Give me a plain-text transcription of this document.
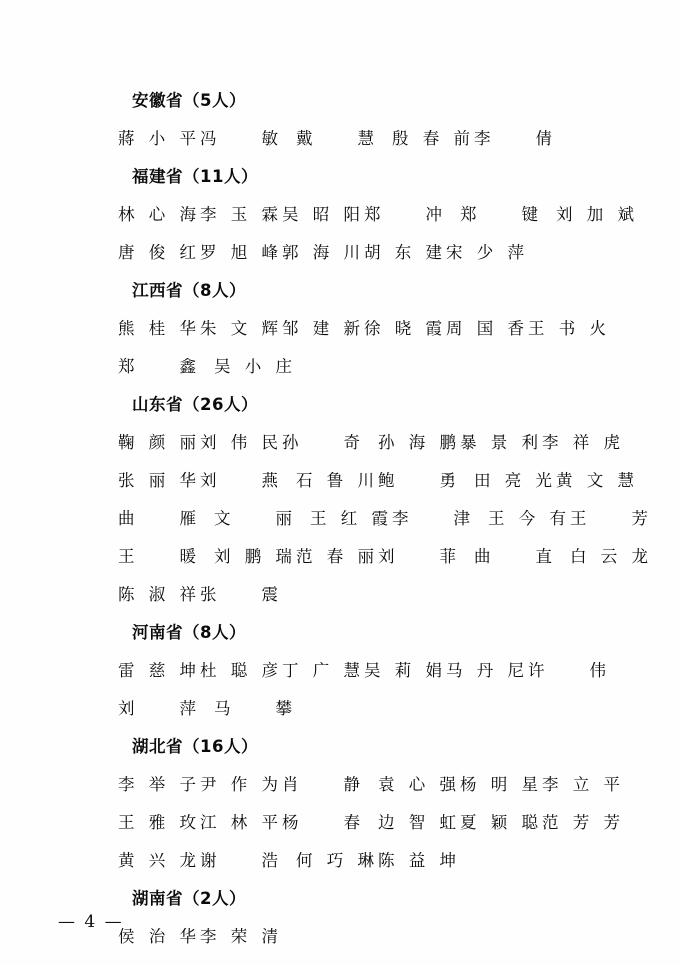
安徽省（5人）
蔣 小 平 冯	敏 戴	慧 殷 春 前 李	倩
福建省（11人）
林 心 海 李 玉 霖 吴 昭 阳 郑	冲 郑	键 刘 加 斌
唐 俊 红 罗 旭 峰 郭 海 川 胡 东 建 宋 少 萍
江西省（8人）
熊 桂 华 朱 文 辉 邹 建 新 徐 晓 霞 周 国 香 王 书 火
郑	鑫 吴 小 庄
山东省（26人）
鞠 颜 丽 刘 伟 民 孙	奇 孙 海 鹏 暴 景 利 李 祥 虎
张 丽 华 刘	燕 石 鲁 川 鲍	勇 田 亮 光 黄 文 慧
曲	雁 文	丽 王 红 霞 李	津 王 今 有 王	芳
王	暖 刘 鹏 瑞 范 春 丽 刘	菲 曲	直 白 云 龙
陈 淑 祥 张	震
河南省（8人）
雷 慈 坤 杜 聪 彦 丁 广 慧 吴 莉 娟 马 丹 尼 许	伟
刘	萍 马	攀
湖北省（16人）
李 举 子 尹 作 为 肖	静 袁 心 强 杨 明 星 李 立 平
王 雅 玫 江 林 平 杨	春 边 智 虹 夏 颖 聪 范 芳 芳
黄 兴 龙 谢	浩 何 巧 琳 陈 益 坤
湖南省（2人）
侯 治 华 李 荣 清
— 4 —
